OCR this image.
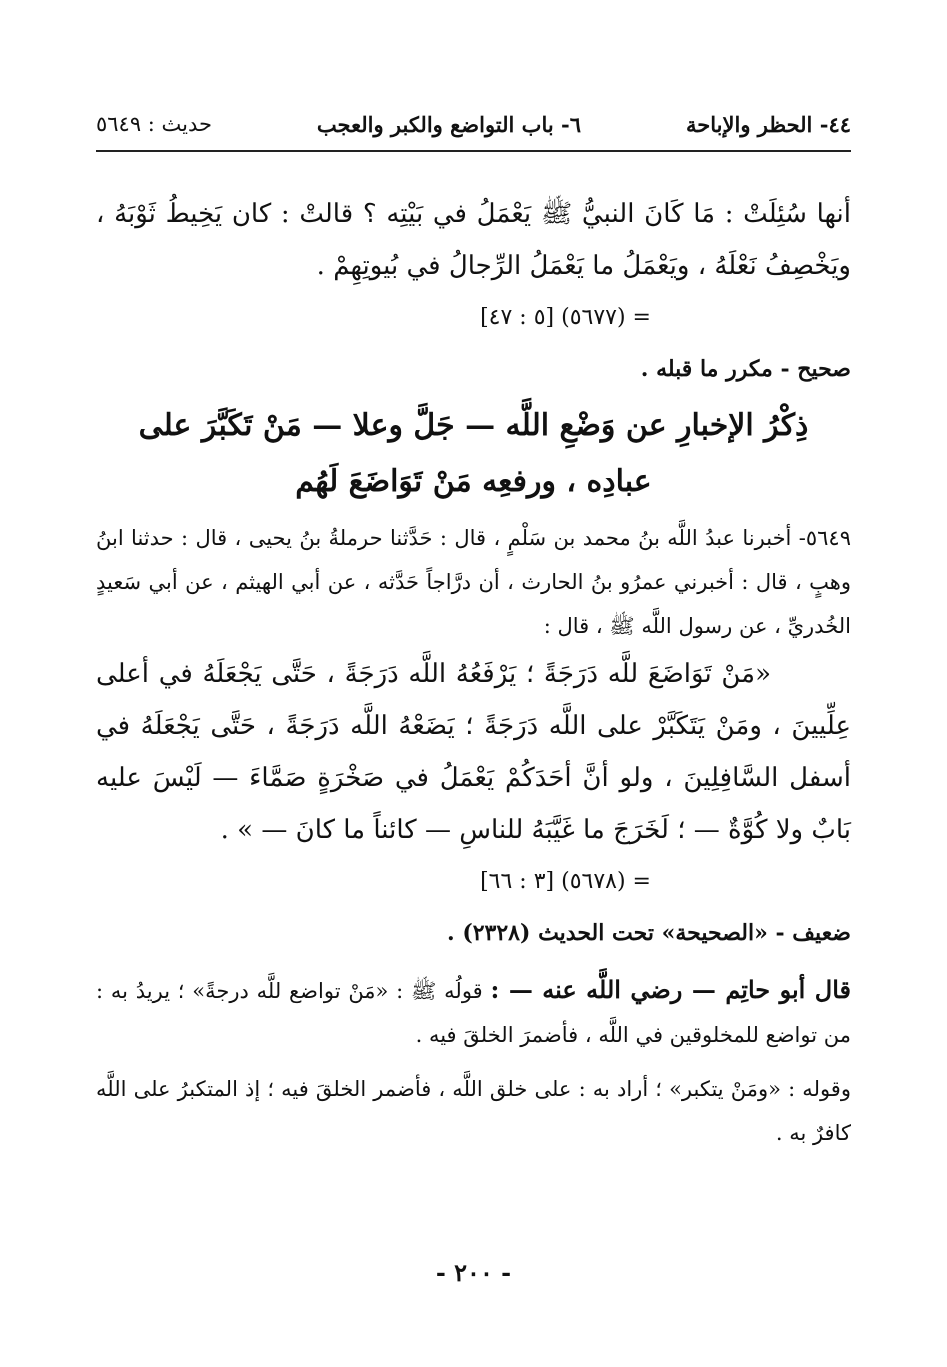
٤٤- الحظر والإباحة
٦- باب التواضع والكبر والعجب
حديث : ٥٦٤٩

أنها سُئِلَتْ : مَا كَانَ النبيُّ ﷺ يَعْمَلُ في بَيْتِه ؟ قالتْ : كان يَخِيطُ ثَوْبَهُ ، ويَخْصِفُ نَعْلَهُ ، ويَعْمَلُ ما يَعْمَلُ الرِّجالُ في بُيوتِهِمْ .

= (٥٦٧٧) [٥ : ٤٧]

صحيح - مكرر ما قبله .

ذِكْرُ الإخبارِ عن وَضْعِ اللَّه — جَلَّ وعلا — مَنْ تَكَبَّرَ على عبادِه ، ورفعِه مَنْ تَوَاضَعَ لَهُم

٥٦٤٩- أخبرنا عبدُ اللَّه بنُ محمد بن سَلْمٍ ، قال : حَدَّثنا حرملةُ بنُ يحيى ، قال : حدثنا ابنُ وهبٍ ، قال : أخبرني عمرُو بنُ الحارث ، أن درَّاجاً حَدَّثه ، عن أبي الهيثم ، عن أبي سَعيدٍ الخُدريِّ ، عن رسول اللَّه ﷺ ، قال :

«مَنْ تَوَاضَعَ للَّه دَرَجَةً ؛ يَرْفَعُهُ اللَّه دَرَجَةً ، حَتَّى يَجْعَلَهُ في أعلى عِلِّيينَ ، ومَنْ يَتَكَبَّرْ على اللَّه دَرَجَةً ؛ يَضَعْهُ اللَّه دَرَجَةً ، حَتَّى يَجْعَلَهُ في أسفل السَّافِلِينَ ، ولو أنَّ أحَدَكُمْ يَعْمَلُ في صَخْرَةٍ صَمَّاءَ — لَيْسَ عليه بَابٌ ولا كُوَّةٌ — ؛ لَخَرَجَ ما غَيَّبَهُ للناسِ — كائناً ما كانَ — » .

= (٥٦٧٨) [٣ : ٦٦]

ضعيف - «الصحيحة» تحت الحديث (٢٣٢٨) .

قال أبو حاتِم — رضي اللَّه عنه — : قولُه ﷺ : «مَنْ تواضع للَّه درجةً» ؛ يريدُ به : من تواضع للمخلوقين في اللَّه ، فأضمرَ الخلقَ فيه .

وقوله : «ومَنْ يتكبر» ؛ أراد به : على خلق اللَّه ، فأضمر الخلقَ فيه ؛ إذ المتكبرُ على اللَّه كافرٌ به .

- ٢٠٠ -
